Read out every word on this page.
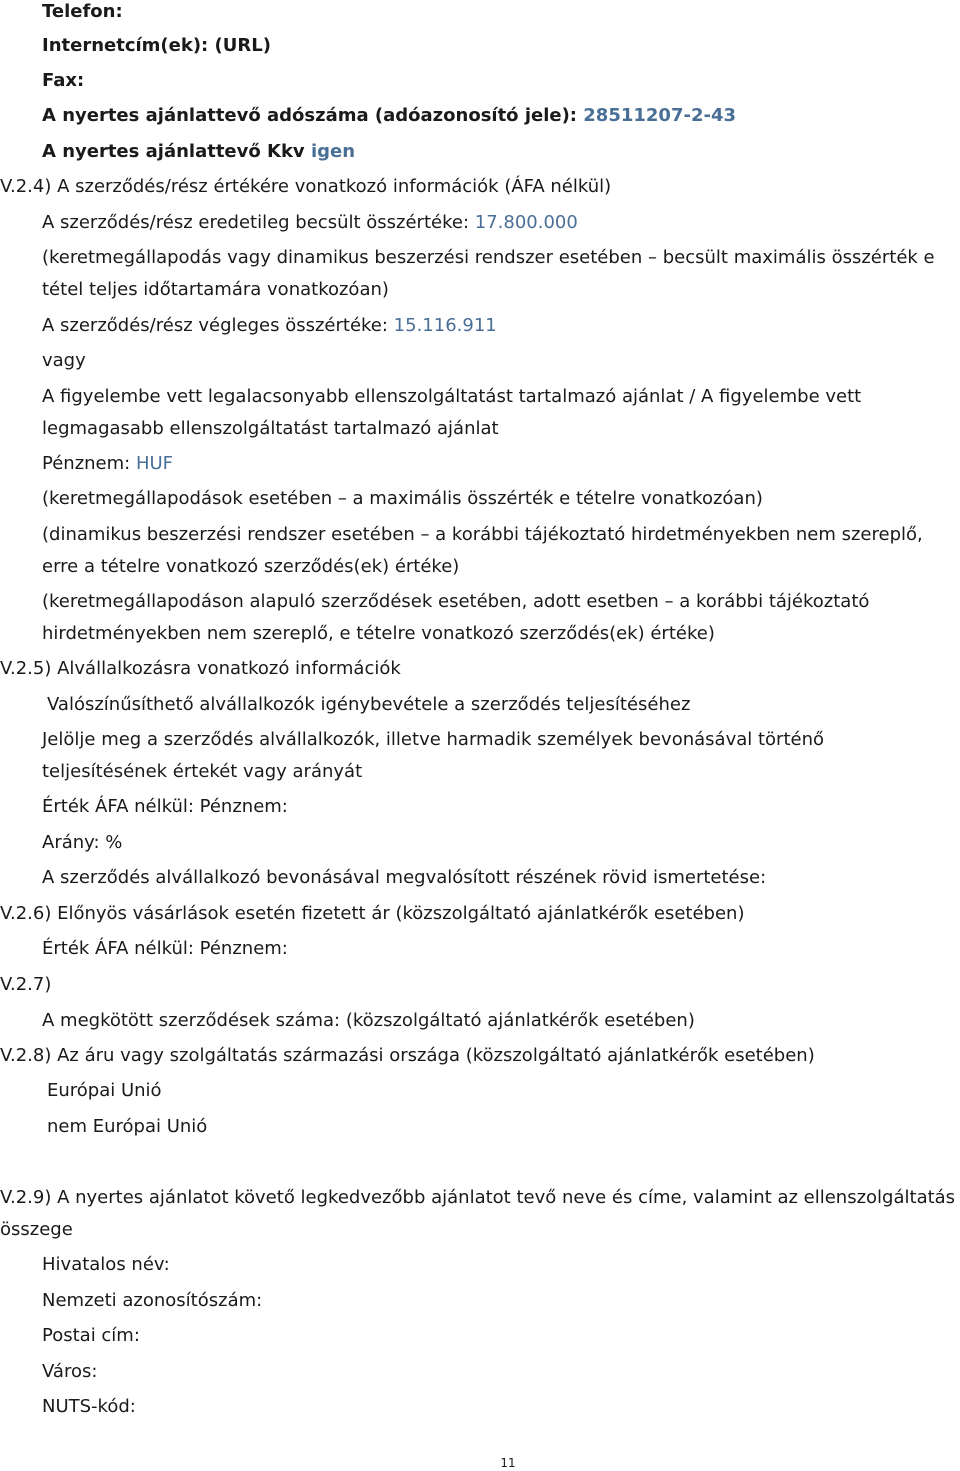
Telefon:
Internetcím(ek): (URL)
Fax:
A nyertes ajánlattevő adószáma (adóazonosító jele): 28511207-2-43
A nyertes ajánlattevő Kkv igen
V.2.4) A szerződés/rész értékére vonatkozó információk (ÁFA nélkül)
A szerződés/rész eredetileg becsült összértéke: 17.800.000
(keretmegállapodás vagy dinamikus beszerzési rendszer esetében – becsült maximális összérték e
tétel teljes időtartamára vonatkozóan)
A szerződés/rész végleges összértéke: 15.116.911
vagy
A figyelembe vett legalacsonyabb ellenszolgáltatást tartalmazó ajánlat / A figyelembe vett
legmagasabb ellenszolgáltatást tartalmazó ajánlat
Pénznem: HUF
(keretmegállapodások esetében – a maximális összérték e tételre vonatkozóan)
(dinamikus beszerzési rendszer esetében – a korábbi tájékoztató hirdetményekben nem szereplő,
erre a tételre vonatkozó szerződés(ek) értéke)
(keretmegállapodáson alapuló szerződések esetében, adott esetben – a korábbi tájékoztató
hirdetményekben nem szereplő, e tételre vonatkozó szerződés(ek) értéke)
V.2.5) Alvállalkozásra vonatkozó információk
Valószínűsíthető alvállalkozók igénybevétele a szerződés teljesítéséhez
Jelölje meg a szerződés alvállalkozók, illetve harmadik személyek bevonásával történő
teljesítésének értekét vagy arányát
Érték ÁFA nélkül: Pénznem:
Arány: %
A szerződés alvállalkozó bevonásával megvalósított részének rövid ismertetése:
V.2.6) Előnyös vásárlások esetén fizetett ár (közszolgáltató ajánlatkérők esetében)
Érték ÁFA nélkül: Pénznem:
V.2.7)
A megkötött szerződések száma: (közszolgáltató ajánlatkérők esetében)
V.2.8) Az áru vagy szolgáltatás származási országa (közszolgáltató ajánlatkérők esetében)
Európai Unió
nem Európai Unió
V.2.9) A nyertes ajánlatot követő legkedvezőbb ajánlatot tevő neve és címe, valamint az ellenszolgáltatás
összege
Hivatalos név:
Nemzeti azonosítószám:
Postai cím:
Város:
NUTS-kód:
11
